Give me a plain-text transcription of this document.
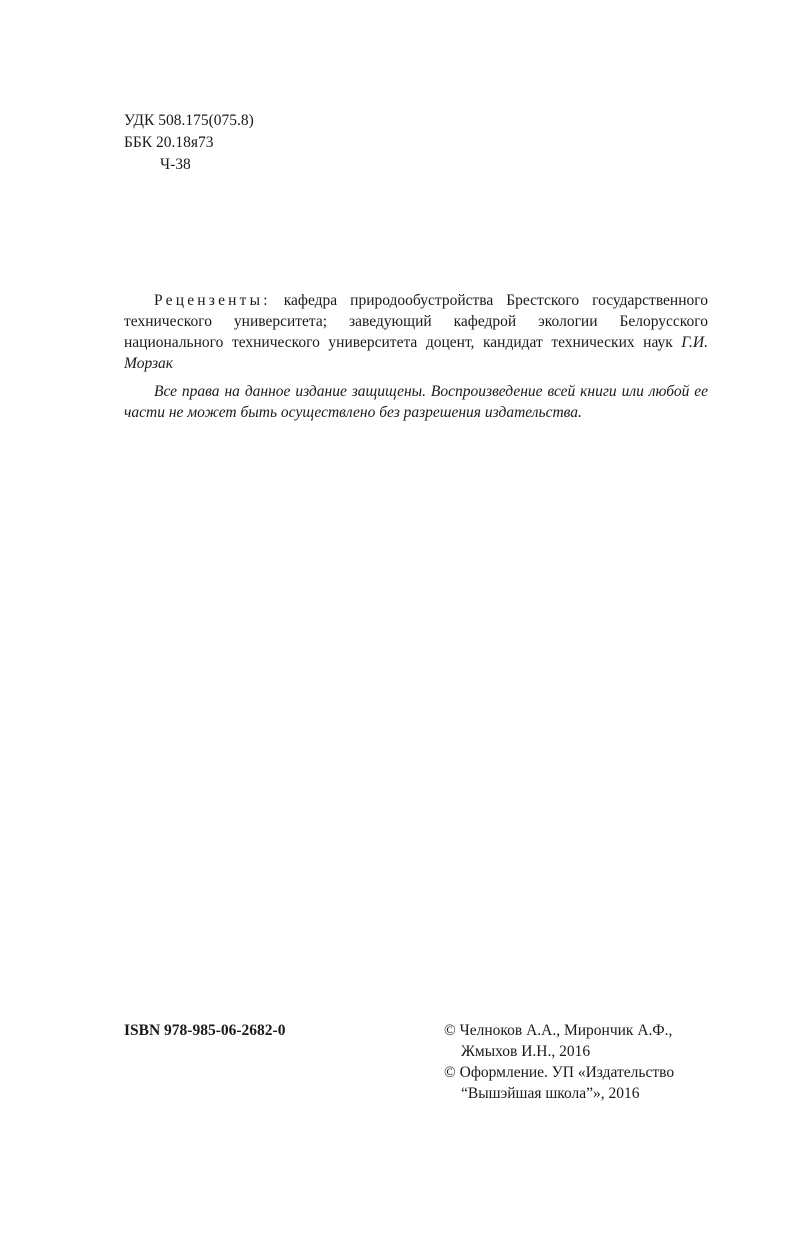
УДК 508.175(075.8)
ББК 20.18я73
Ч-38

Рецензенты: кафедра природообустройства Брестского государственного технического университета; заведующий кафедрой экологии Белорусского национального технического университета доцент, кандидат технических наук Г.И. Морзак

Все права на данное издание защищены. Воспроизведение всей книги или любой ее части не может быть осуществлено без разрешения издательства.

ISBN 978-985-06-2682-0	© Челноков А.А., Мирончик А.Ф.,
Жмыхов И.Н., 2016
© Оформление. УП «Издательство
“Вышэйшая школа”», 2016
